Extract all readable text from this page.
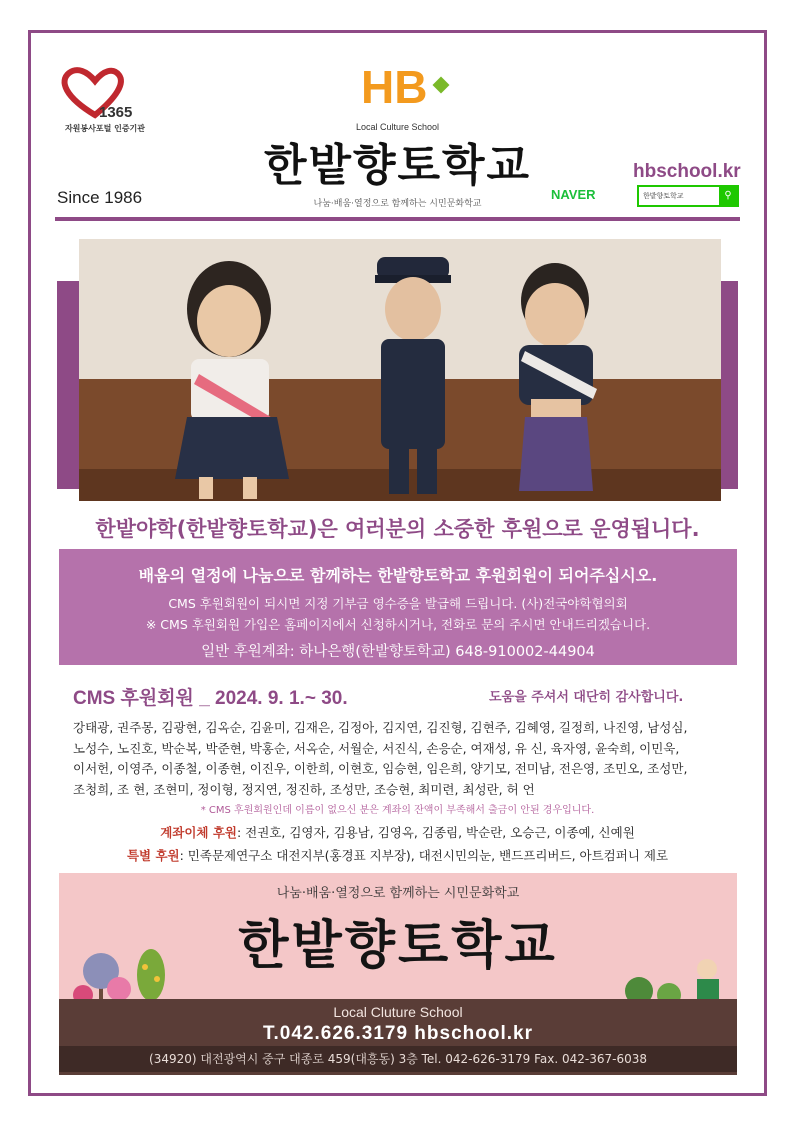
1365
자원봉사포털 인증기관
Since 1986
HB
Local Culture School
한밭향토학교
나눔·배움·열정으로 함께하는 시민문화학교
hbschool.kr
NAVER	한밭향토학교	⚲
한밭야학(한밭향토학교)은 여러분의 소중한 후원으로 운영됩니다.
배움의 열정에 나눔으로 함께하는 한밭향토학교 후원회원이 되어주십시오.
CMS 후원회원이 되시면 지정 기부금 영수증을 발급해 드립니다. (사)전국야학협의회
※ CMS 후원회원 가입은 홈페이지에서 신청하시거나, 전화로 문의 주시면 안내드리겠습니다.
일반 후원계좌: 하나은행(한밭향토학교) 648-910002-44904
CMS 후원회원 _ 2024. 9. 1.~ 30.	도움을 주셔서 대단히 감사합니다.
강태광, 권주몽, 김광현, 김옥순, 김윤미, 김재은, 김정아, 김지연, 김진형, 김현주, 김혜영, 길정희, 나진영, 남성심,
노성수, 노진호, 박순복, 박준현, 박홍순, 서옥순, 서월순, 서진식, 손응순, 여재성, 유 신, 육자영, 윤숙희, 이민욱,
이서헌, 이영주, 이종철, 이종현, 이진우, 이한희, 이현호, 임승현, 임은희, 양기모, 전미남, 전은영, 조민오, 조성만,
조청희, 조 현, 조현미, 정이형, 정지연, 정진하, 조성만, 조승현, 최미련, 최성란, 허 언
* CMS 후원회원인데 이름이 없으신 분은 계좌의 잔액이 부족해서 출금이 안된 경우입니다.
계좌이체 후원: 전권호, 김영자, 김용남, 김영옥, 김종림, 박순란, 오승근, 이종예, 신예원
특별 후원: 민족문제연구소 대전지부(홍경표 지부장), 대전시민의눈, 밴드프리버드, 아트컴퍼니 제로
나눔·배움·열정으로 함께하는 시민문화학교
한밭향토학교
Local Cluture School
T.042.626.3179 hbschool.kr
(34920) 대전광역시 중구 대종로 459(대흥동) 3층 Tel. 042-626-3179 Fax. 042-367-6038
